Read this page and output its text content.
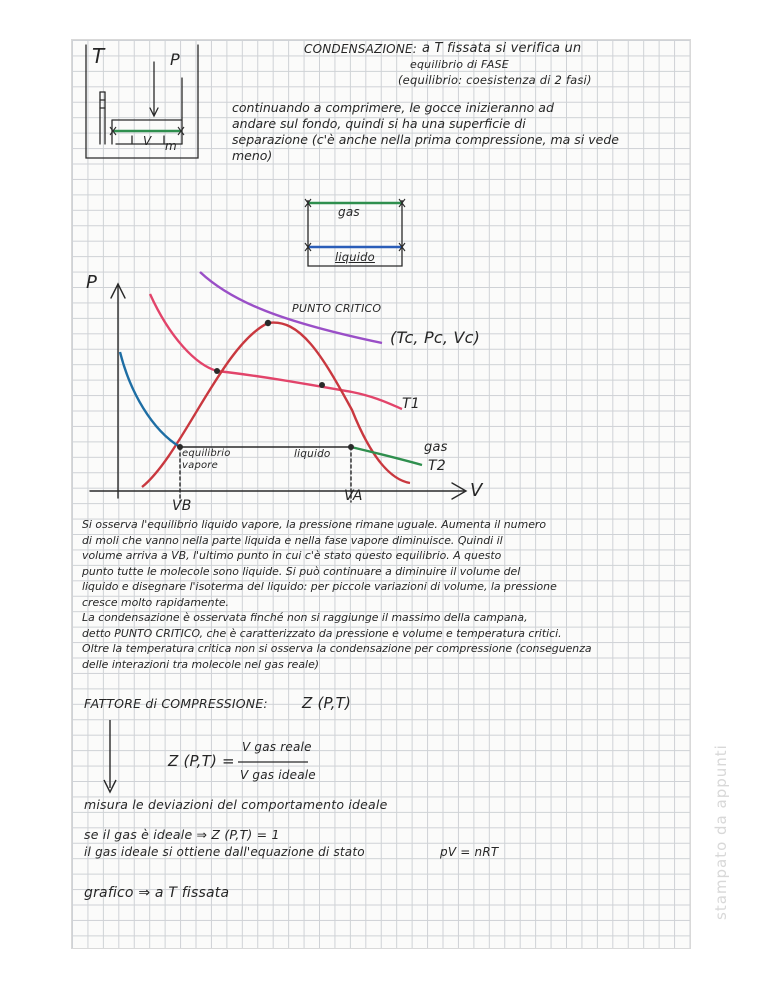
T	P
V m
CONDENSAZIONE: a T fissata si verifica un
equilibrio di FASE
(equilibrio: coesistenza di 2 fasi)
continuando a comprimere, le gocce inizieranno ad
andare sul fondo, quindi si ha una superficie di
separazione (c'è anche nella prima compressione, ma si vede
meno)
gas
liquido
P
V
PUNTO CRITICO
(Tc, Pc, Vc)
T1
gas
T2
equilibrio
vapore
liquido
VB
VA
Si osserva l'equilibrio liquido vapore, la pressione rimane uguale. Aumenta il numero
di moli che vanno nella parte liquida e nella fase vapore diminuisce. Quindi il
volume arriva a VB, l'ultimo punto in cui c'è stato questo equilibrio. A questo
punto tutte le molecole sono liquide. Si può continuare a diminuire il volume del
liquido e disegnare l'isoterma del liquido: per piccole variazioni di volume, la pressione
cresce molto rapidamente.
La condensazione è osservata finché non si raggiunge il massimo della campana,
detto PUNTO CRITICO, che è caratterizzato da pressione e volume e temperatura critici.
Oltre la temperatura critica non si osserva la condensazione per compressione (conseguenza
delle interazioni tra molecole nel gas reale)
FATTORE di COMPRESSIONE: Z (P,T)
Z (P,T) =
V gas reale
V gas ideale
misura le deviazioni del comportamento ideale
se il gas è ideale ⇒ Z (P,T) = 1
il gas ideale si ottiene dall'equazione di stato	pV = nRT
grafico ⇒ a T fissata	stampato da appunti
